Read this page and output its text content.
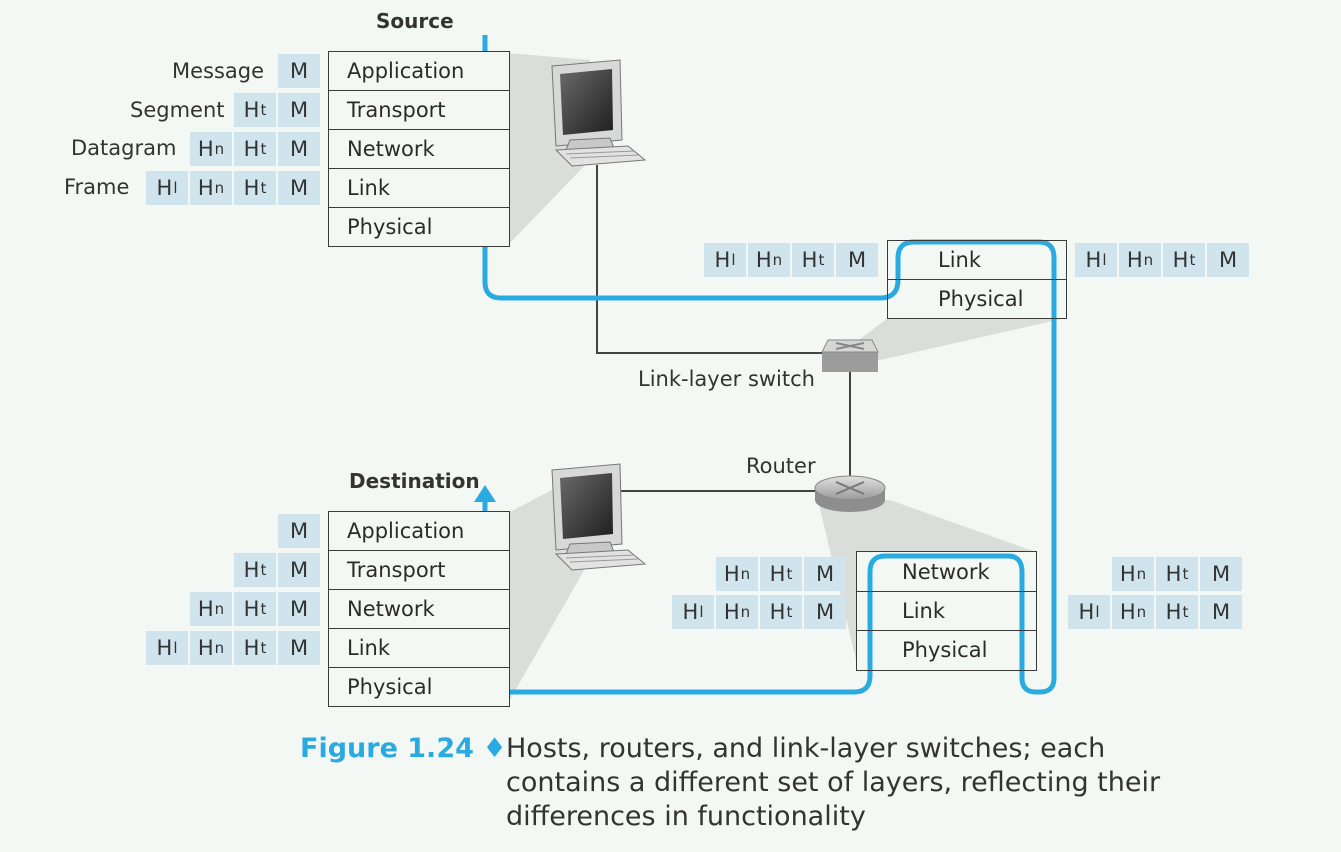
Source
Destination
Link-layer switch
Router
Application
Transport
Network
Link
Physical
Message
Segment
Datagram
Frame
M
H t	M
H n H t	M
H l H n H t	M
Link
Physical
H l H n H t	M	H l H n H t	M
Network
Link
Physical
H n H t	M
H l H n H t	M
H n H t	M
H l H n H t	M
Application
Transport
Network
Link
Physical
M
H t	M
H n H t	M
H l H n H t	M
Figure 1.24 ♦ Hosts, routers, and link-layer switches; each contains a different set of layers, reflecting their differences in functionality
